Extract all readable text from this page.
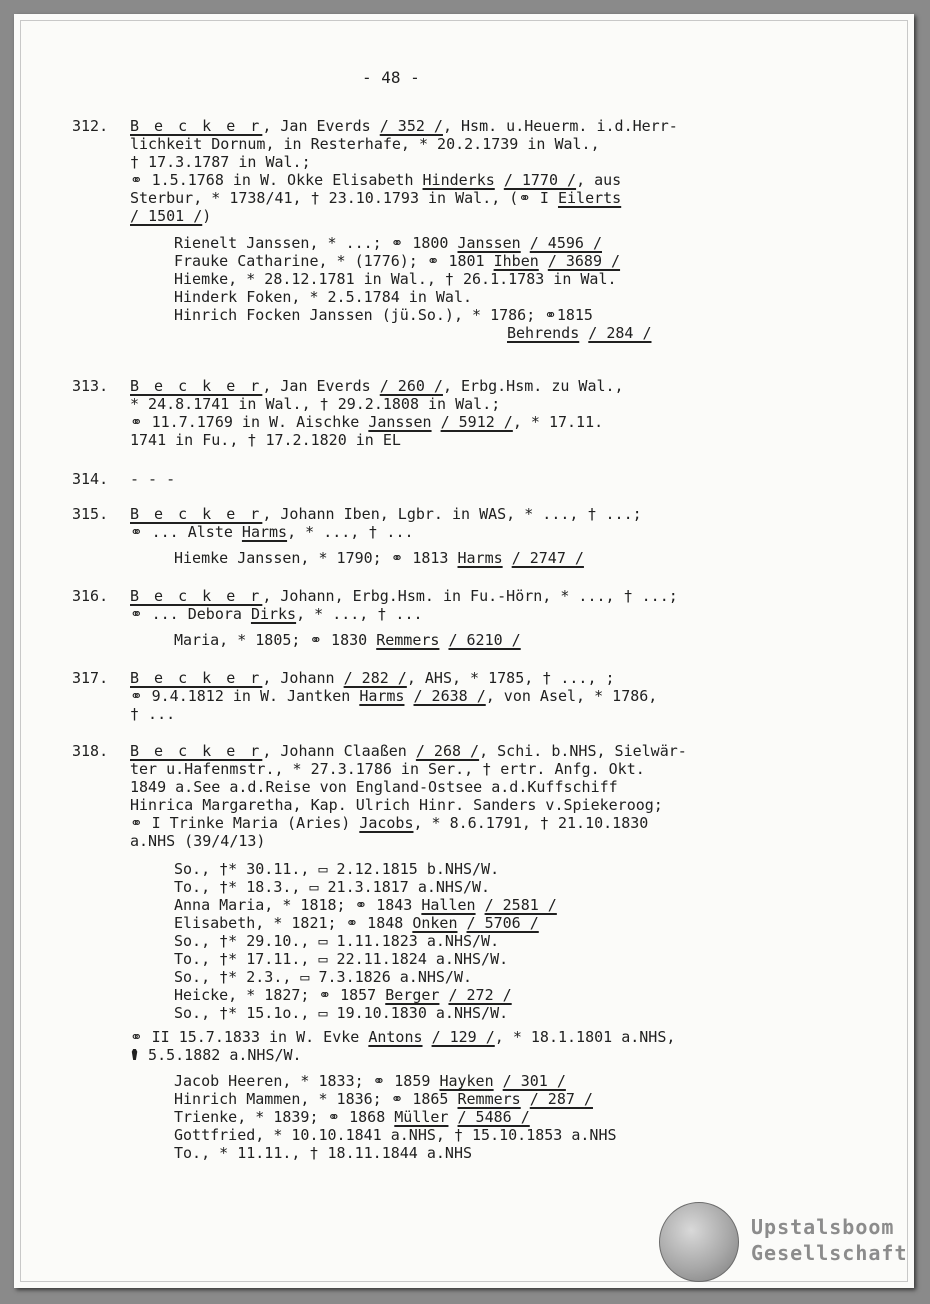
- 48 -
312. B e c k e r, Jan Everds / 352 /, Hsm. u.Heuerm. i.d.Herr-
lichkeit Dornum, in Resterhafe, * 20.2.1739 in Wal.,
† 17.3.1787 in Wal.;
⚭ 1.5.1768 in W. Okke Elisabeth Hinderks / 1770 /, aus
Sterbur, * 1738/41, † 23.10.1793 in Wal., (⚭ I Eilerts
/ 1501 /)
Rienelt Janssen, * ...; ⚭ 1800 Janssen / 4596 /
Frauke Catharine, * (1776); ⚭ 1801 Ihben / 3689 /
Hiemke, * 28.12.1781 in Wal., † 26.1.1783 in Wal.
Hinderk Foken, * 2.5.1784 in Wal.
Hinrich Focken Janssen (jü.So.), * 1786; ⚭1815
Behrends / 284 /
313. B e c k e r, Jan Everds / 260 /, Erbg.Hsm. zu Wal.,
* 24.8.1741 in Wal., † 29.2.1808 in Wal.;
⚭ 11.7.1769 in W. Aischke Janssen / 5912 /, * 17.11.
1741 in Fu., † 17.2.1820 in EL
314. - - -
315. B e c k e r, Johann Iben, Lgbr. in WAS, * ..., † ...;
⚭ ... Alste Harms, * ..., † ...
Hiemke Janssen, * 1790; ⚭ 1813 Harms / 2747 /
316. B e c k e r, Johann, Erbg.Hsm. in Fu.-Hörn, * ..., † ...;
⚭ ... Debora Dirks, * ..., † ...
Maria, * 1805; ⚭ 1830 Remmers / 6210 /
317. B e c k e r, Johann / 282 /, AHS, * 1785, † ..., ;
⚭ 9.4.1812 in W. Jantken Harms / 2638 /, von Asel, * 1786,
† ...
318. B e c k e r, Johann Claaßen / 268 /, Schi. b.NHS, Sielwär-
ter u.Hafenmstr., * 27.3.1786 in Ser., † ertr. Anfg. Okt.
1849 a.See a.d.Reise von England-Ostsee a.d.Kuffschiff
Hinrica Margaretha, Kap. Ulrich Hinr. Sanders v.Spiekeroog;
⚭ I Trinke Maria (Aries) Jacobs, * 8.6.1791, † 21.10.1830
a.NHS (39/4/13)
So., †* 30.11., ▭ 2.12.1815 b.NHS/W.
To., †* 18.3., ▭ 21.3.1817 a.NHS/W.
Anna Maria, * 1818; ⚭ 1843 Hallen / 2581 /
Elisabeth, * 1821; ⚭ 1848 Onken / 5706 /
So., †* 29.10., ▭ 1.11.1823 a.NHS/W.
To., †* 17.11., ▭ 22.11.1824 a.NHS/W.
So., †* 2.3., ▭ 7.3.1826 a.NHS/W.
Heicke, * 1827; ⚭ 1857 Berger / 272 /
So., †* 15.1o., ▭ 19.10.1830 a.NHS/W.
⚭ II 15.7.1833 in W. Evke Antons / 129 /, * 18.1.1801 a.NHS,
⚰ 5.5.1882 a.NHS/W.
Jacob Heeren, * 1833; ⚭ 1859 Hayken / 301 /
Hinrich Mammen, * 1836; ⚭ 1865 Remmers / 287 /
Trienke, * 1839; ⚭ 1868 Müller / 5486 /
Gottfried, * 10.10.1841 a.NHS, † 15.10.1853 a.NHS
To., * 11.11., † 18.11.1844 a.NHS
Upstalsboom
Gesellschaft
